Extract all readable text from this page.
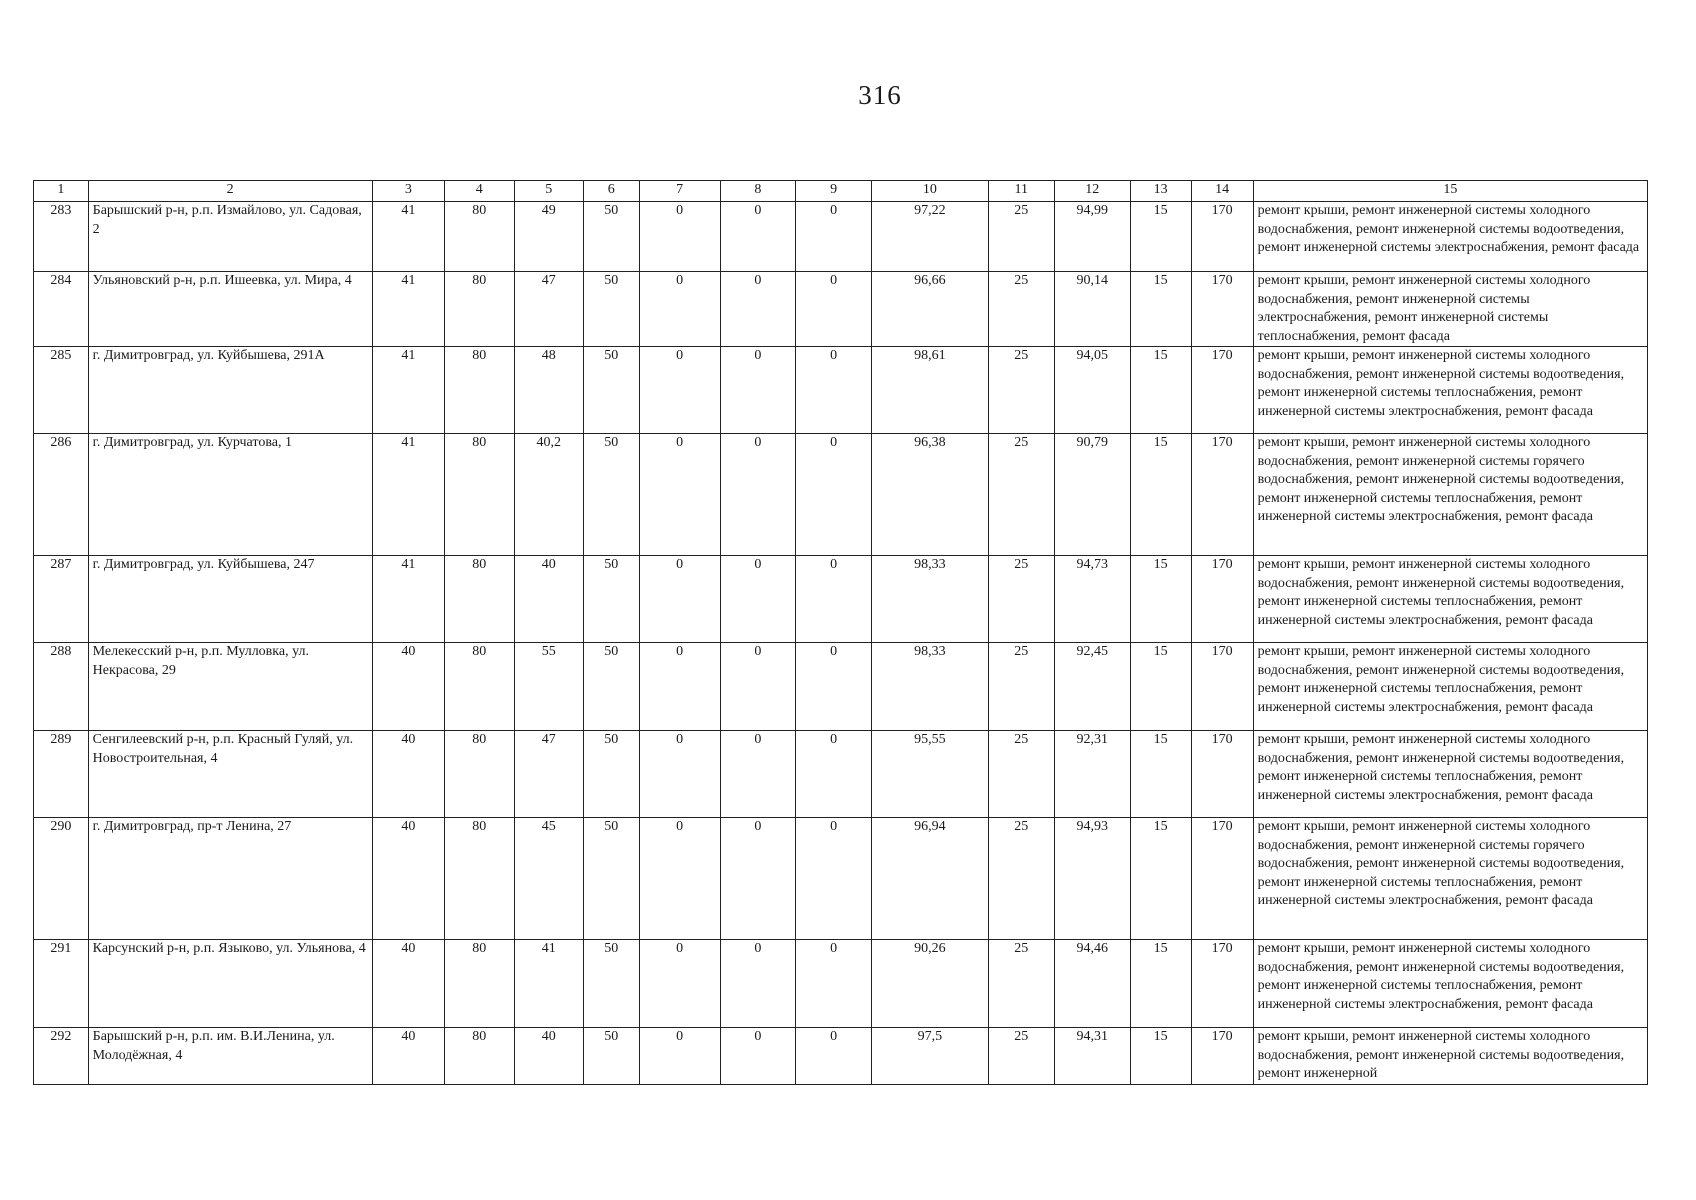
316
1	2	3	4	5	6	7	8	9	10	11	12	13	14	15
283	Барышский р-н, р.п. Измайлово, ул. Садовая, 2	41	80	49	50	0	0	0	97,22	25	94,99	15	170	ремонт крыши, ремонт инженерной системы холодного водоснабжения, ремонт инженерной системы водоотведения, ремонт инженерной системы электроснабжения, ремонт фасада
284	Ульяновский р-н, р.п. Ишеевка, ул. Мира, 4	41	80	47	50	0	0	0	96,66	25	90,14	15	170	ремонт крыши, ремонт инженерной системы холодного водоснабжения, ремонт инженерной системы электроснабжения, ремонт инженерной системы теплоснабжения, ремонт фасада
285	г. Димитровград, ул. Куйбышева, 291А	41	80	48	50	0	0	0	98,61	25	94,05	15	170	ремонт крыши, ремонт инженерной системы холодного водоснабжения, ремонт инженерной системы водоотведения, ремонт инженерной системы теплоснабжения, ремонт инженерной системы электроснабжения, ремонт фасада
286	г. Димитровград, ул. Курчатова, 1	41	80	40,2	50	0	0	0	96,38	25	90,79	15	170	ремонт крыши, ремонт инженерной системы холодного водоснабжения, ремонт инженерной системы горячего водоснабжения, ремонт инженерной системы водоотведения, ремонт инженерной системы теплоснабжения, ремонт инженерной системы электроснабжения, ремонт фасада
287	г. Димитровград, ул. Куйбышева, 247	41	80	40	50	0	0	0	98,33	25	94,73	15	170	ремонт крыши, ремонт инженерной системы холодного водоснабжения, ремонт инженерной системы водоотведения, ремонт инженерной системы теплоснабжения, ремонт инженерной системы электроснабжения, ремонт фасада
288	Мелекесский р-н, р.п. Мулловка, ул. Некрасова, 29	40	80	55	50	0	0	0	98,33	25	92,45	15	170	ремонт крыши, ремонт инженерной системы холодного водоснабжения, ремонт инженерной системы водоотведения, ремонт инженерной системы теплоснабжения, ремонт инженерной системы электроснабжения, ремонт фасада
289	Сенгилеевский р-н, р.п. Красный Гуляй, ул. Новостроительная, 4	40	80	47	50	0	0	0	95,55	25	92,31	15	170	ремонт крыши, ремонт инженерной системы холодного водоснабжения, ремонт инженерной системы водоотведения, ремонт инженерной системы теплоснабжения, ремонт инженерной системы электроснабжения, ремонт фасада
290	г. Димитровград, пр-т Ленина, 27	40	80	45	50	0	0	0	96,94	25	94,93	15	170	ремонт крыши, ремонт инженерной системы холодного водоснабжения, ремонт инженерной системы горячего водоснабжения, ремонт инженерной системы водоотведения, ремонт инженерной системы теплоснабжения, ремонт инженерной системы электроснабжения, ремонт фасада
291	Карсунский р-н, р.п. Языково, ул. Ульянова, 4	40	80	41	50	0	0	0	90,26	25	94,46	15	170	ремонт крыши, ремонт инженерной системы холодного водоснабжения, ремонт инженерной системы водоотведения, ремонт инженерной системы теплоснабжения, ремонт инженерной системы электроснабжения, ремонт фасада
292	Барышский р-н, р.п. им. В.И.Ленина, ул. Молодёжная, 4	40	80	40	50	0	0	0	97,5	25	94,31	15	170	ремонт крыши, ремонт инженерной системы холодного водоснабжения, ремонт инженерной системы водоотведения, ремонт инженерной
